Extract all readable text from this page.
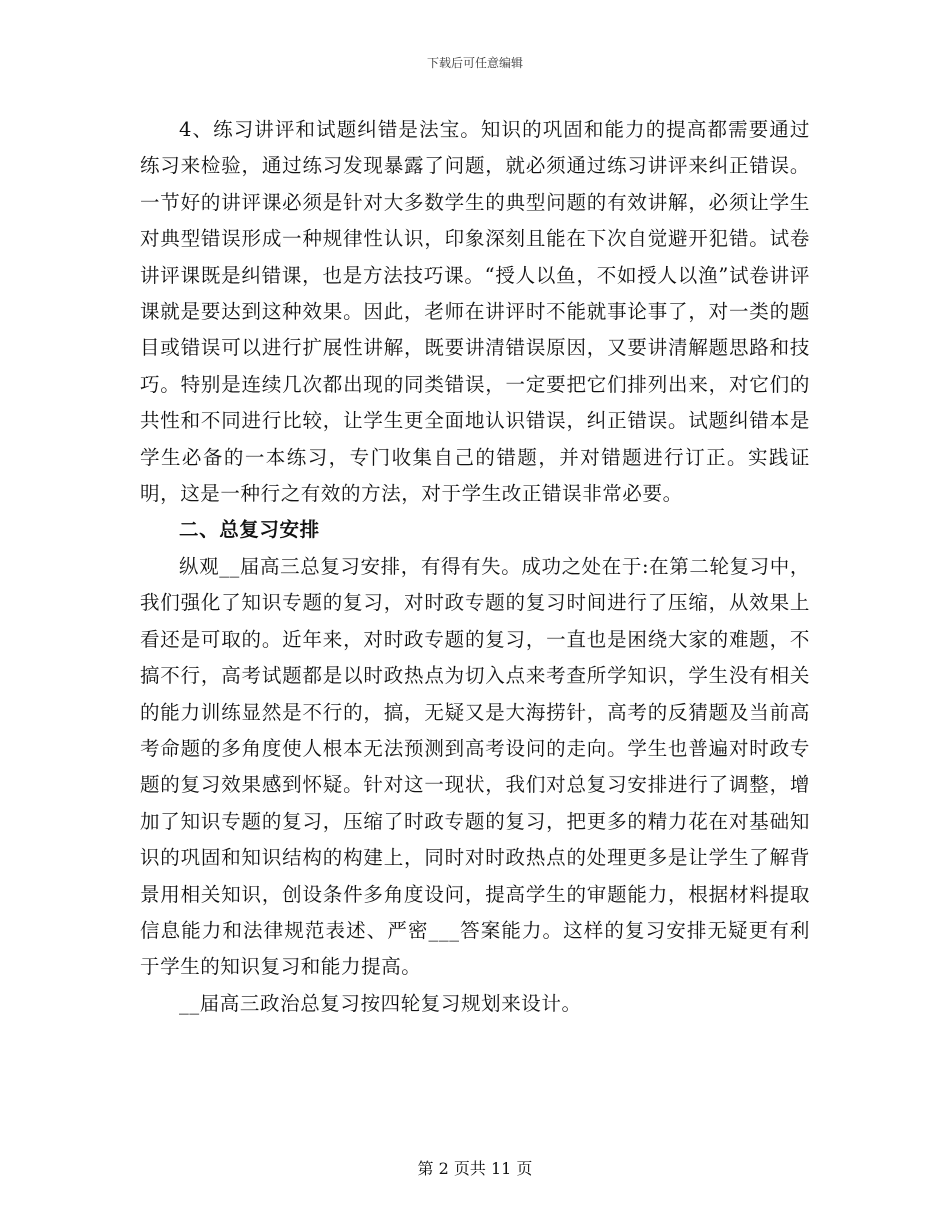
下载后可任意编辑

4、练习讲评和试题纠错是法宝。知识的巩固和能力的提高都需要通过练习来检验，通过练习发现暴露了问题，就必须通过练习讲评来纠正错误。一节好的讲评课必须是针对大多数学生的典型问题的有效讲解，必须让学生对典型错误形成一种规律性认识，印象深刻且能在下次自觉避开犯错。试卷讲评课既是纠错课，也是方法技巧课。“授人以鱼，不如授人以渔”试卷讲评课就是要达到这种效果。因此，老师在讲评时不能就事论事了，对一类的题目或错误可以进行扩展性讲解，既要讲清错误原因，又要讲清解题思路和技巧。特别是连续几次都出现的同类错误，一定要把它们排列出来，对它们的共性和不同进行比较，让学生更全面地认识错误，纠正错误。试题纠错本是学生必备的一本练习，专门收集自己的错题，并对错题进行订正。实践证明，这是一种行之有效的方法，对于学生改正错误非常必要。

二、总复习安排

纵观__届高三总复习安排，有得有失。成功之处在于:在第二轮复习中，我们强化了知识专题的复习，对时政专题的复习时间进行了压缩，从效果上看还是可取的。近年来，对时政专题的复习，一直也是困绕大家的难题，不搞不行，高考试题都是以时政热点为切入点来考查所学知识，学生没有相关的能力训练显然是不行的，搞，无疑又是大海捞针，高考的反猜题及当前高考命题的多角度使人根本无法预测到高考设问的走向。学生也普遍对时政专题的复习效果感到怀疑。针对这一现状，我们对总复习安排进行了调整，增加了知识专题的复习，压缩了时政专题的复习，把更多的精力花在对基础知识的巩固和知识结构的构建上，同时对时政热点的处理更多是让学生了解背景用相关知识，创设条件多角度设问，提高学生的审题能力，根据材料提取信息能力和法律规范表述、严密___答案能力。这样的复习安排无疑更有利于学生的知识复习和能力提高。

__届高三政治总复习按四轮复习规划来设计。

第 2 页共 11 页
